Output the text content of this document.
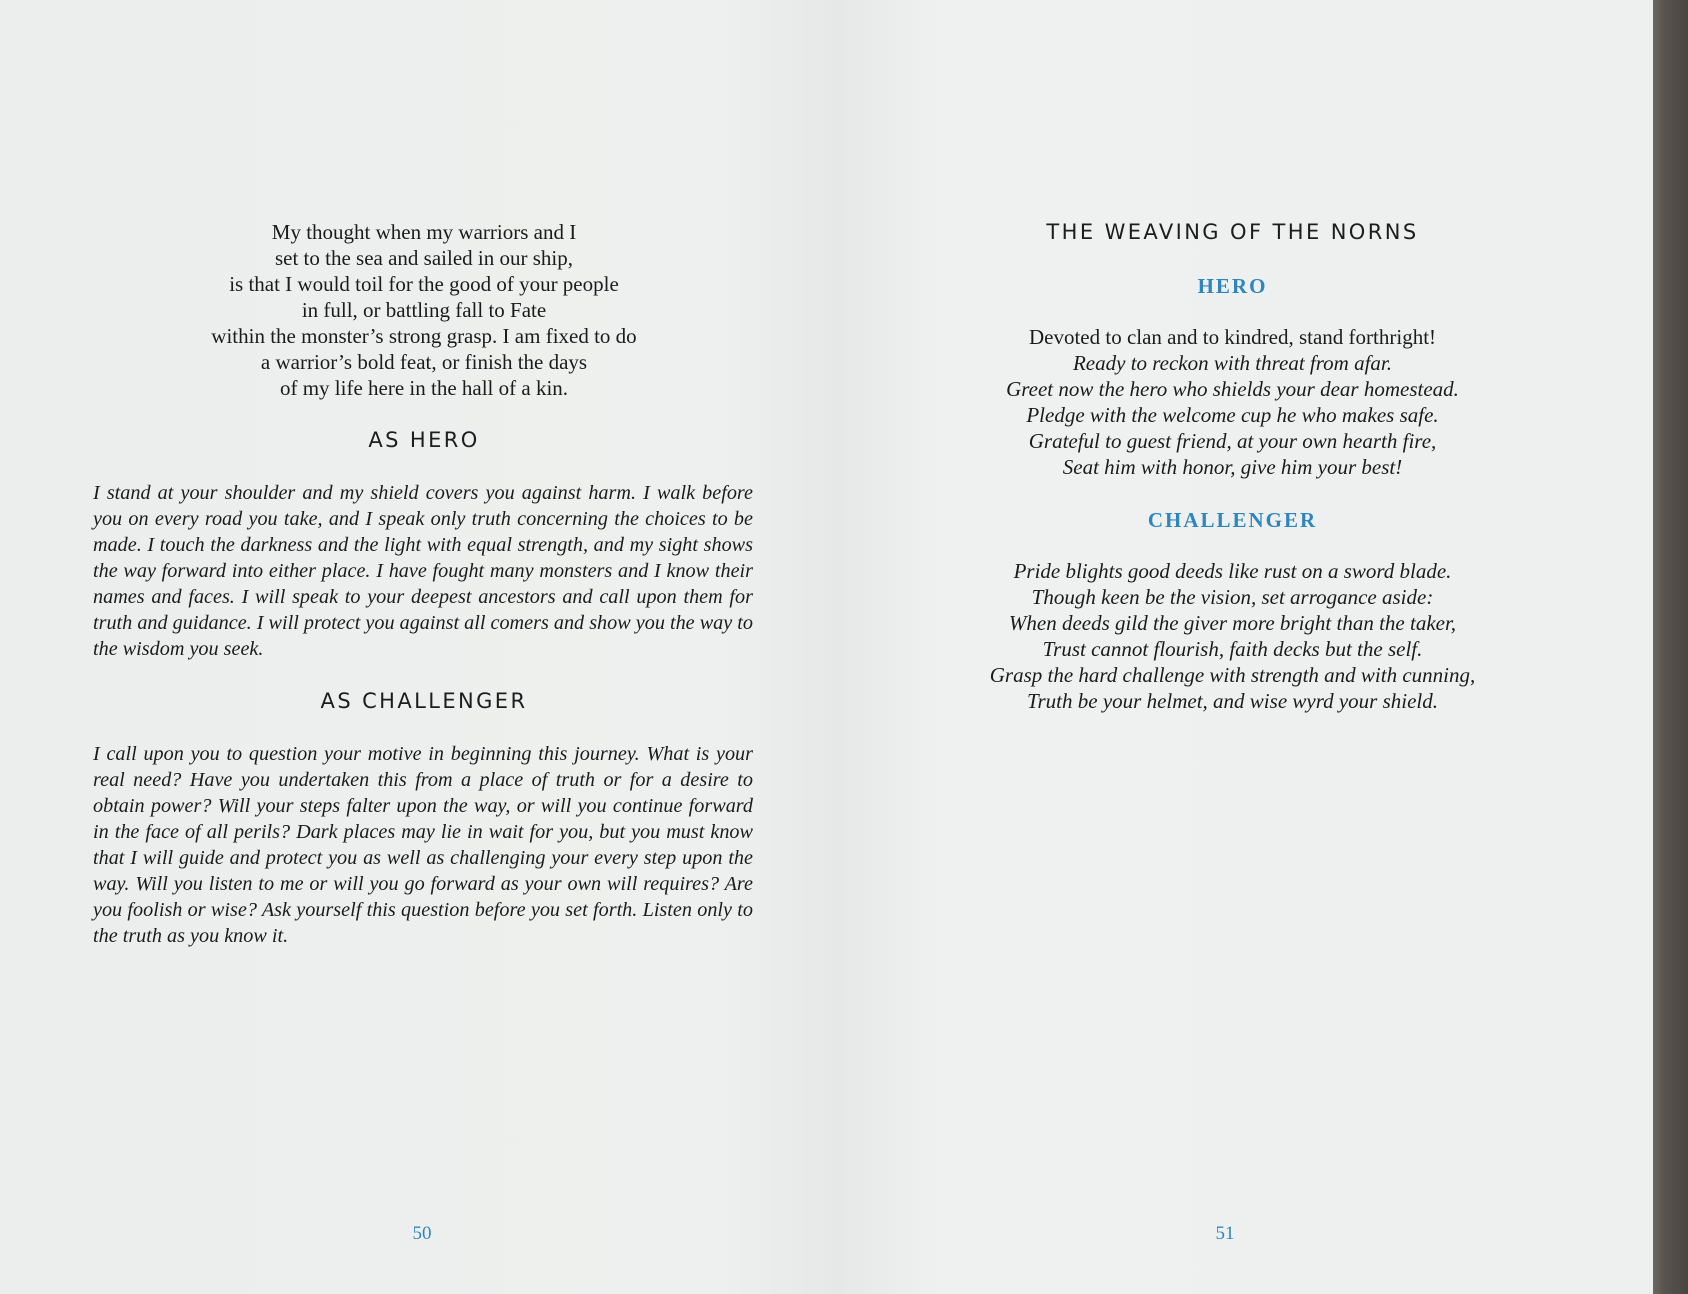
My thought when my warriors and I
set to the sea and sailed in our ship,
is that I would toil for the good of your people
in full, or battling fall to Fate
within the monster’s strong grasp. I am fixed to do
a warrior’s bold feat, or finish the days
of my life here in the hall of a kin.
AS HERO
I stand at your shoulder and my shield covers you against harm. I walk before you on every road you take, and I speak only truth concerning the choices to be made. I touch the darkness and the light with equal strength, and my sight shows the way forward into either place. I have fought many monsters and I know their names and faces. I will speak to your deepest ancestors and call upon them for truth and guidance. I will protect you against all comers and show you the way to the wisdom you seek.
AS CHALLENGER
I call upon you to question your motive in beginning this journey. What is your real need? Have you undertaken this from a place of truth or for a desire to obtain power? Will your steps falter upon the way, or will you continue forward in the face of all perils? Dark places may lie in wait for you, but you must know that I will guide and protect you as well as challenging your every step upon the way. Will you listen to me or will you go forward as your own will requires? Are you foolish or wise? Ask yourself this question before you set forth. Listen only to the truth as you know it.
50
THE WEAVING OF THE NORNS
HERO
Devoted to clan and to kindred, stand forthright!
Ready to reckon with threat from afar.
Greet now the hero who shields your dear homestead.
Pledge with the welcome cup he who makes safe.
Grateful to guest friend, at your own hearth fire,
Seat him with honor, give him your best!
CHALLENGER
Pride blights good deeds like rust on a sword blade.
Though keen be the vision, set arrogance aside:
When deeds gild the giver more bright than the taker,
Trust cannot flourish, faith decks but the self.
Grasp the hard challenge with strength and with cunning,
Truth be your helmet, and wise wyrd your shield.
51
